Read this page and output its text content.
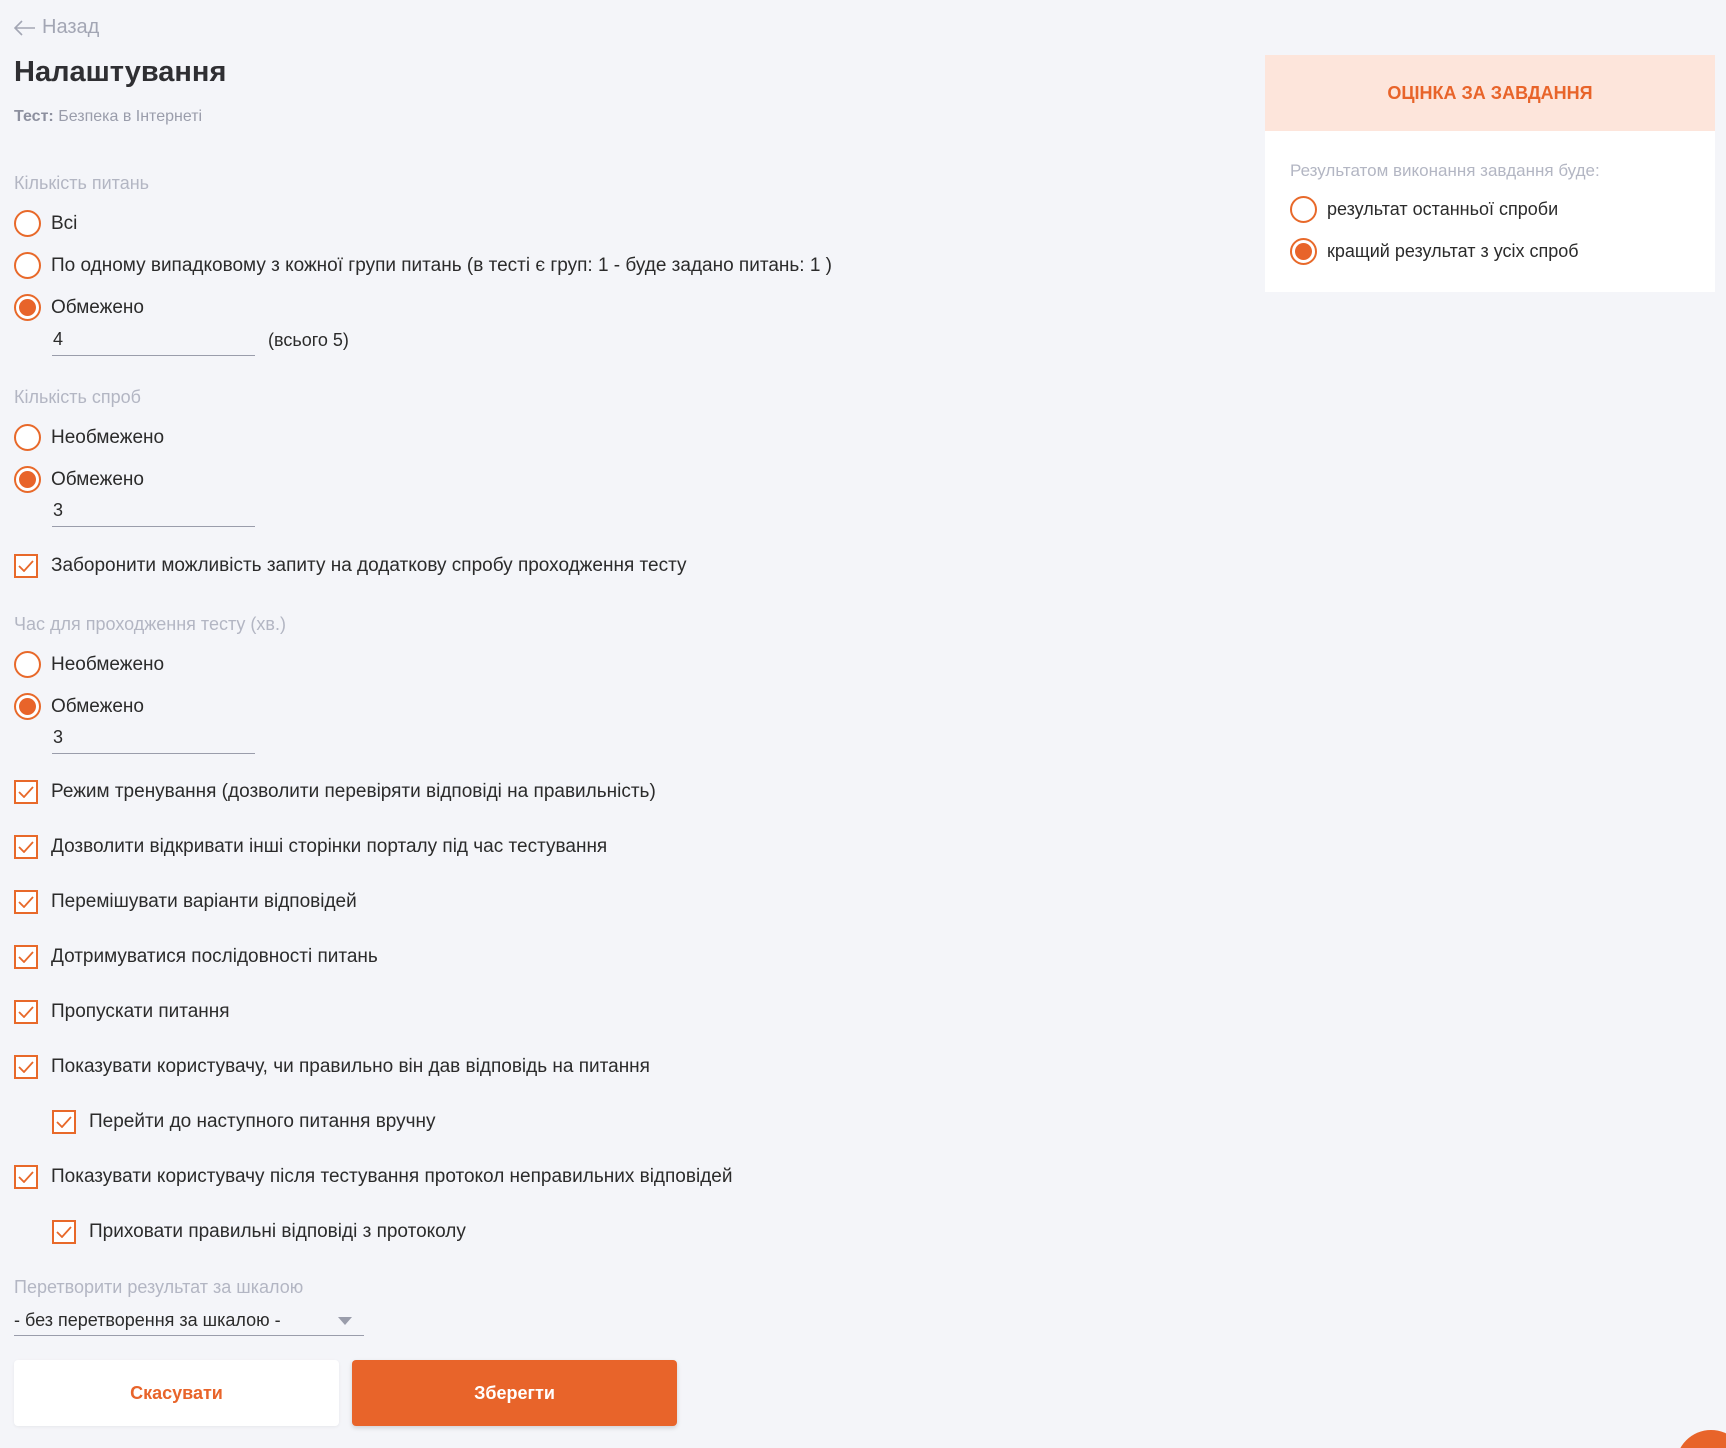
Назад
Налаштування
Тест: Безпека в Інтернеті
Кількість питань
Всі
По одному випадковому з кожної групи питань (в тесті є груп: 1 - буде задано питань: 1 )
Обмежено
4
(всього 5)
Кількість спроб
Необмежено
Обмежено
3
Заборонити можливість запиту на додаткову спробу проходження тесту
Час для проходження тесту (хв.)
Необмежено
Обмежено
3
Режим тренування (дозволити перевіряти відповіді на правильність)
Дозволити відкривати інші сторінки порталу під час тестування
Перемішувати варіанти відповідей
Дотримуватися послідовності питань
Пропускати питання
Показувати користувачу, чи правильно він дав відповідь на питання
Перейти до наступного питання вручну
Показувати користувачу після тестування протокол неправильних відповідей
Приховати правильні відповіді з протоколу
Перетворити результат за шкалою
- без перетворення за шкалою -
Скасувати	Зберегти
ОЦІНКА ЗА ЗАВДАННЯ
Результатом виконання завдання буде:
результат останньої спроби
кращий результат з усіх спроб
